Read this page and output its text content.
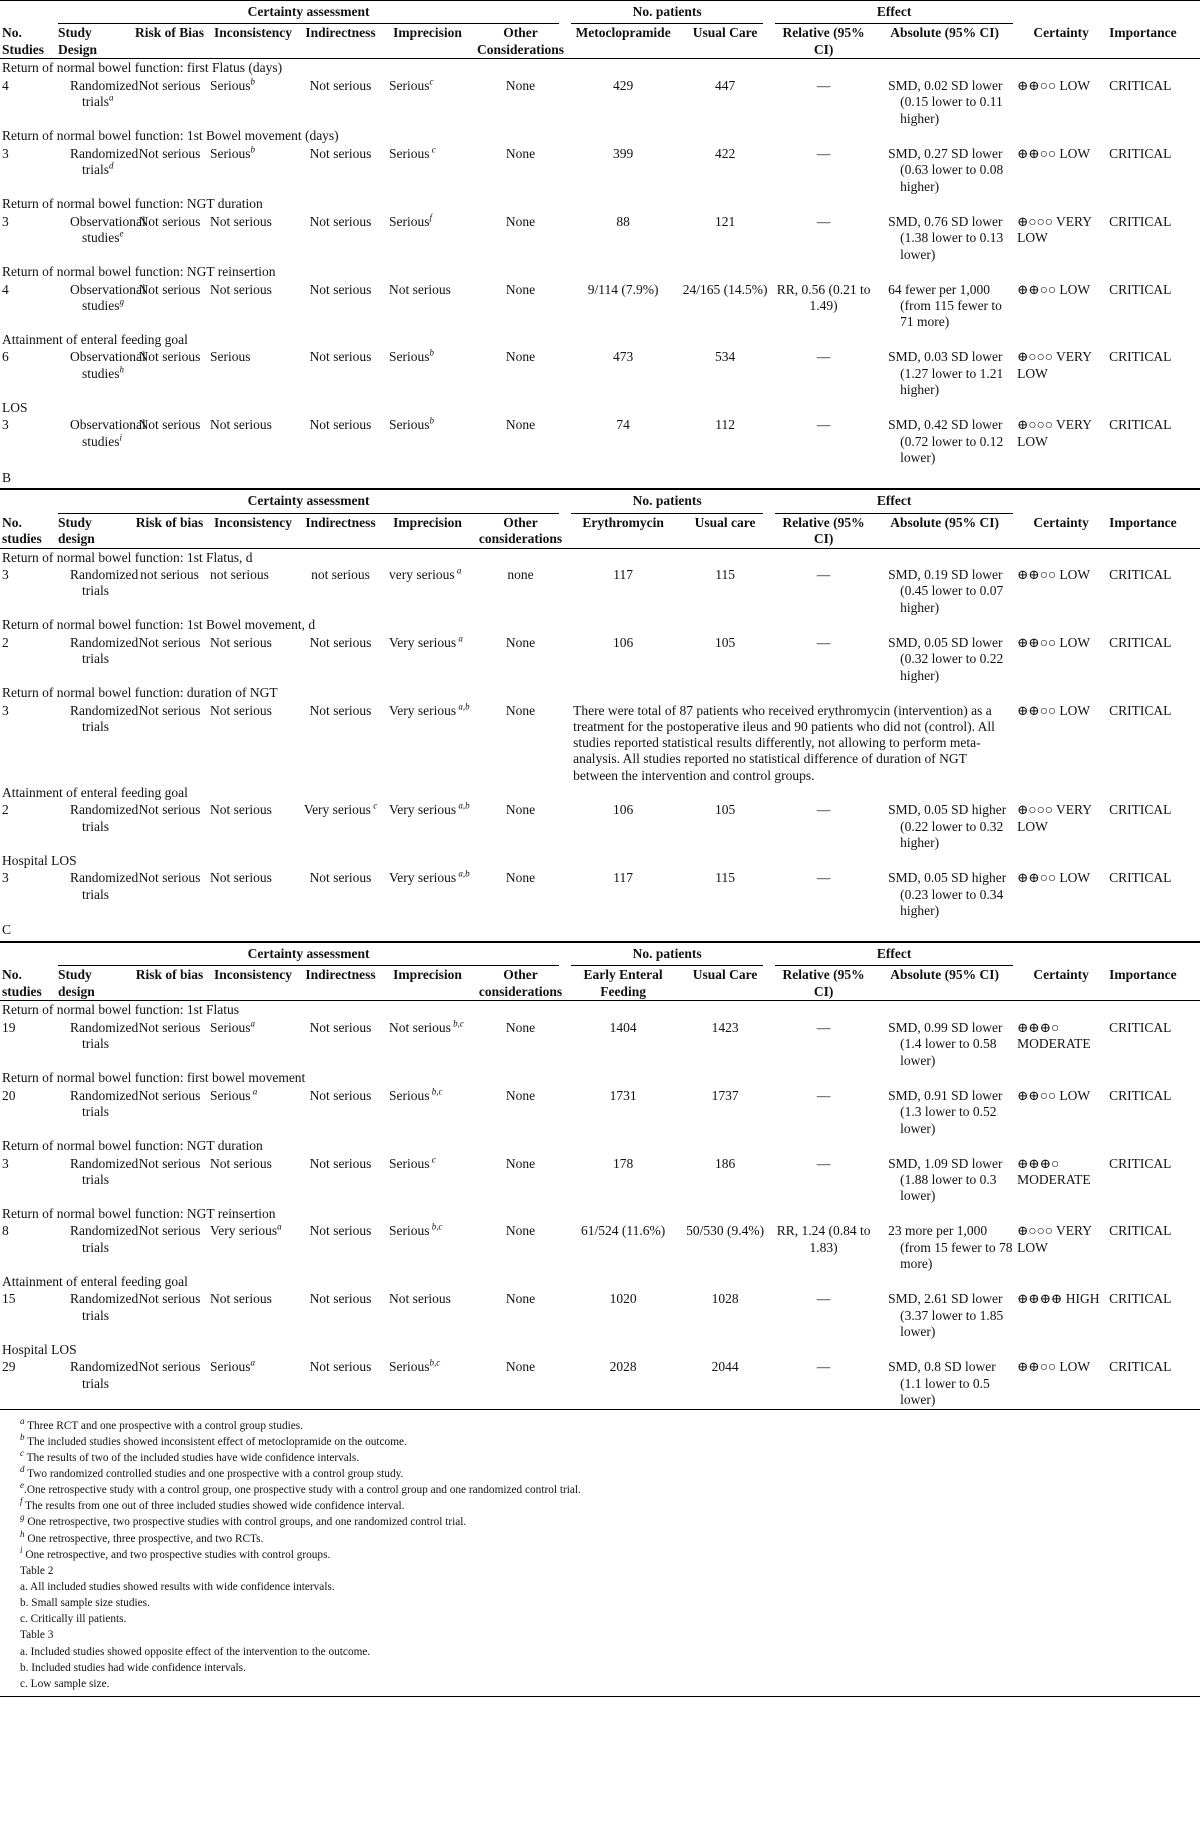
	Certainty assessment						No. patients		Effect			

No. Studies	Study Design	Risk of Bias	Inconsistency	Indirectness	Imprecision	Other Considerations	Metoclopramide	Usual Care	Relative (95% CI)	Absolute (95% CI)	Certainty	Importance
Return of normal bowel function: first Flatus (days)												
4	Randomized trials$^a$	Not serious	Serious$^b$	Not serious	Serious$^c$	None	429	447	—	SMD, 0.02 SD lower (0.15 lower to 0.11 higher)	⊕⊕○○ LOW	CRITICAL
Return of normal bowel function: 1st Bowel movement (days)												
3	Randomized trials$^d$	Not serious	Serious$^b$	Not serious	Serious $^c$	None	399	422	—	SMD, 0.27 SD lower (0.63 lower to 0.08 higher)	⊕⊕○○ LOW	CRITICAL
Return of normal bowel function: NGT duration												
3	Observational studies$^e$	Not serious	Not serious	Not serious	Serious$^f$	None	88	121	—	SMD, 0.76 SD lower (1.38 lower to 0.13 lower)	⊕○○○ VERY LOW	CRITICAL
Return of normal bowel function: NGT reinsertion												
4	Observational studies$^g$	Not serious	Not serious	Not serious	Not serious	None	9/114 (7.9%)	24/165 (14.5%)	RR, 0.56 (0.21 to 1.49)	64 fewer per 1,000 (from 115 fewer to 71 more)	⊕⊕○○ LOW	CRITICAL
Attainment of enteral feeding goal												
6	Observational studies$^h$	Not serious	Serious	Not serious	Serious$^b$	None	473	534	—	SMD, 0.03 SD lower (1.27 lower to 1.21 higher)	⊕○○○ VERY LOW	CRITICAL
LOS												
3	Observational studies$^i$	Not serious	Not serious	Not serious	Serious$^b$	None	74	112	—	SMD, 0.42 SD lower (0.72 lower to 0.12 lower)	⊕○○○ VERY LOW	CRITICAL
B

	Certainty assessment						No. patients		Effect			

No. studies	Study design	Risk of bias	Inconsistency	Indirectness	Imprecision	Other considerations	Erythromycin	Usual care	Relative (95% CI)	Absolute (95% CI)	Certainty	Importance
Return of normal bowel function: 1st Flatus, d												
3	Randomized trials	not serious	not serious	not serious	very serious $^a$	none	117	115	—	SMD, 0.19 SD lower (0.45 lower to 0.07 higher)	⊕⊕○○ LOW	CRITICAL
Return of normal bowel function: 1st Bowel movement, d												
2	Randomized trials	Not serious	Not serious	Not serious	Very serious $^a$	None	106	105	—	SMD, 0.05 SD lower (0.32 lower to 0.22 higher)	⊕⊕○○ LOW	CRITICAL
Return of normal bowel function: duration of NGT												
3	Randomized trials	Not serious	Not serious	Not serious	Very serious $^{a,b}$	None	There were total of 87 patients who received erythromycin (intervention) as a treatment for the postoperative ileus and 90 patients who did not (control). All studies reported statistical results differently, not allowing to perform meta-analysis. All studies reported no statistical difference of duration of NGT between the intervention and control groups.				⊕⊕○○ LOW	CRITICAL
Attainment of enteral feeding goal												
2	Randomized trials	Not serious	Not serious	Very serious $^c$	Very serious $^{a,b}$	None	106	105	—	SMD, 0.05 SD higher (0.22 lower to 0.32 higher)	⊕○○○ VERY LOW	CRITICAL
Hospital LOS												
3	Randomized trials	Not serious	Not serious	Not serious	Very serious $^{a,b}$	None	117	115	—	SMD, 0.05 SD higher (0.23 lower to 0.34 higher)	⊕⊕○○ LOW	CRITICAL
C

	Certainty assessment						No. patients		Effect			

No. studies	Study design	Risk of bias	Inconsistency	Indirectness	Imprecision	Other considerations	Early Enteral Feeding	Usual Care	Relative (95% CI)	Absolute (95% CI)	Certainty	Importance
Return of normal bowel function: 1st Flatus												
19	Randomized trials	Not serious	Serious$^a$	Not serious	Not serious $^{b,c}$	None	1404	1423	—	SMD, 0.99 SD lower (1.4 lower to 0.58 lower)	⊕⊕⊕○ MODERATE	CRITICAL
Return of normal bowel function: first bowel movement												
20	Randomized trials	Not serious	Serious $^a$	Not serious	Serious $^{b,c}$	None	1731	1737	—	SMD, 0.91 SD lower (1.3 lower to 0.52 lower)	⊕⊕○○ LOW	CRITICAL
Return of normal bowel function: NGT duration												
3	Randomized trials	Not serious	Not serious	Not serious	Serious $^c$	None	178	186	—	SMD, 1.09 SD lower (1.88 lower to 0.3 lower)	⊕⊕⊕○ MODERATE	CRITICAL
Return of normal bowel function: NGT reinsertion												
8	Randomized trials	Not serious	Very serious$^a$	Not serious	Serious $^{b,c}$	None	61/524 (11.6%)	50/530 (9.4%)	RR, 1.24 (0.84 to 1.83)	23 more per 1,000 (from 15 fewer to 78 more)	⊕○○○ VERY LOW	CRITICAL
Attainment of enteral feeding goal												
15	Randomized trials	Not serious	Not serious	Not serious	Not serious	None	1020	1028	—	SMD, 2.61 SD lower (3.37 lower to 1.85 lower)	⊕⊕⊕⊕ HIGH	CRITICAL
Hospital LOS												
29	Randomized trials	Not serious	Serious$^a$	Not serious	Serious$^{b,c}$	None	2028	2044	—	SMD, 0.8 SD lower (1.1 lower to 0.5 lower)	⊕⊕○○ LOW	CRITICAL
$^a$ Three RCT and one prospective with a control group studies.
$^b$ The included studies showed inconsistent effect of metoclopramide on the outcome.
$^c$ The results of two of the included studies have wide confidence intervals.
$^d$ Two randomized controlled studies and one prospective with a control group study.
$^e$.One retrospective study with a control group, one prospective study with a control group and one randomized control trial.
$^f$ The results from one out of three included studies showed wide confidence interval.
$^g$ One retrospective, two prospective studies with control groups, and one randomized control trial.
$^h$ One retrospective, three prospective, and two RCTs.
$^i$ One retrospective, and two prospective studies with control groups.
Table 2
a. All included studies showed results with wide confidence intervals.
b. Small sample size studies.
c. Critically ill patients.
Table 3
a. Included studies showed opposite effect of the intervention to the outcome.
b. Included studies had wide confidence intervals.
c. Low sample size.
